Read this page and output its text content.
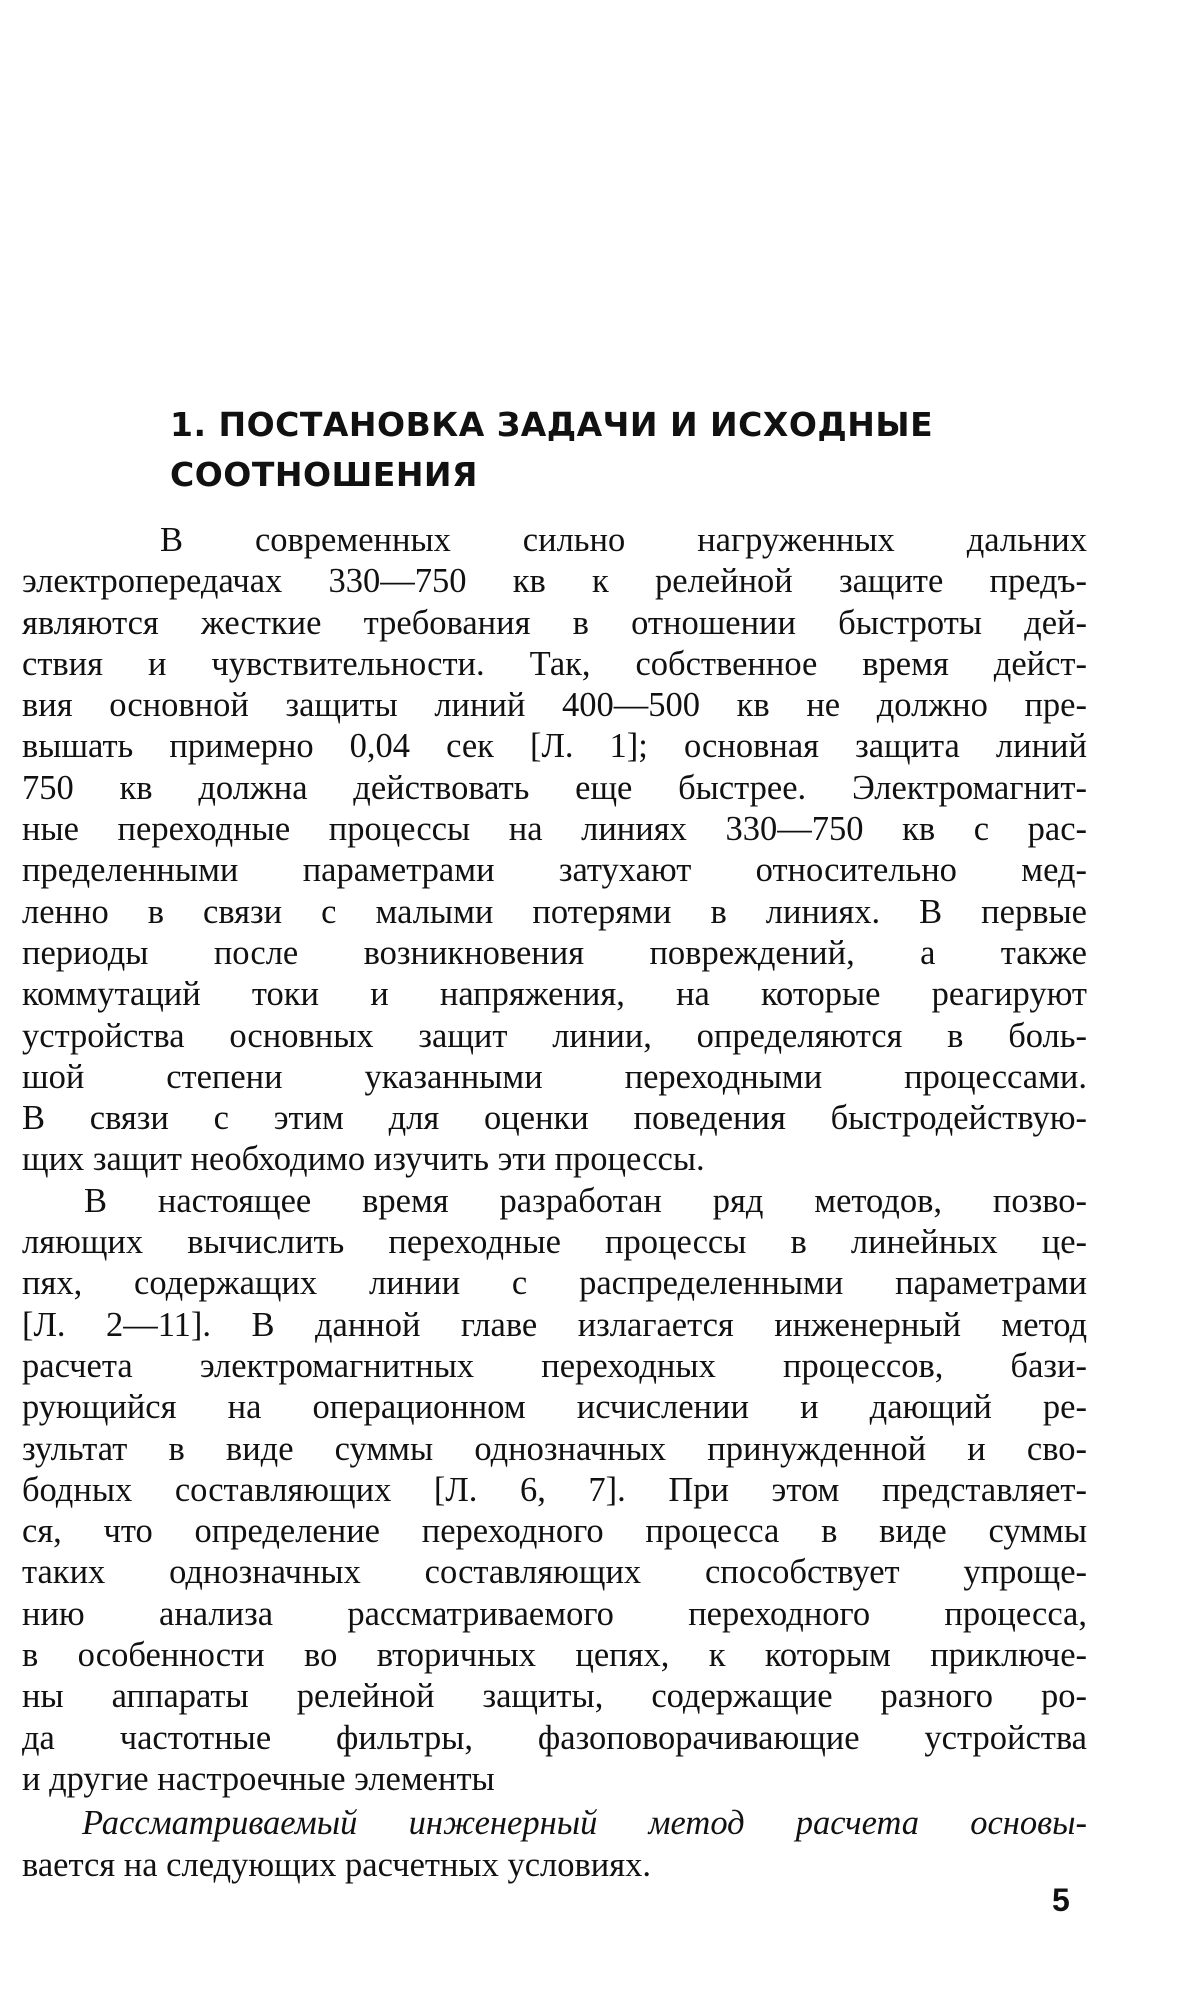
1. ПОСТАНОВКА ЗАДАЧИ И ИСХОДНЫЕ
СООТНОШЕНИЯ
В современных сильно нагруженных дальних
электропередачах 330—750 кв к релейной защите предъ-
являются жесткие требования в отношении быстроты дей-
ствия и чувствительности. Так, собственное время дейст-
вия основной защиты линий 400—500 кв не должно пре-
вышать примерно 0,04 сек [Л. 1]; основная защита линий
750 кв должна действовать еще быстрее. Электромагнит-
ные переходные процессы на линиях 330—750 кв с рас-
пределенными параметрами затухают относительно мед-
ленно в связи с малыми потерями в линиях. В первые
периоды после возникновения повреждений, а также
коммутаций токи и напряжения, на которые реагируют
устройства основных защит линии, определяются в боль-
шой степени указанными переходными процессами.
В связи с этим для оценки поведения быстродействую-
щих защит необходимо изучить эти процессы.
В настоящее время разработан ряд методов, позво-
ляющих вычислить переходные процессы в линейных це-
пях, содержащих линии с распределенными параметрами
[Л. 2—11]. В данной главе излагается инженерный метод
расчета электромагнитных переходных процессов, бази-
рующийся на операционном исчислении и дающий ре-
зультат в виде суммы однозначных принужденной и сво-
бодных составляющих [Л. 6, 7]. При этом представляет-
ся, что определение переходного процесса в виде суммы
таких однозначных составляющих способствует упроще-
нию анализа рассматриваемого переходного процесса,
в особенности во вторичных цепях, к которым приключе-
ны аппараты релейной защиты, содержащие разного ро-
да частотные фильтры, фазоповорачивающие устройства
и другие настроечные элементы
Рассматриваемый инженерный метод расчета основы-
вается на следующих расчетных условиях.
5
